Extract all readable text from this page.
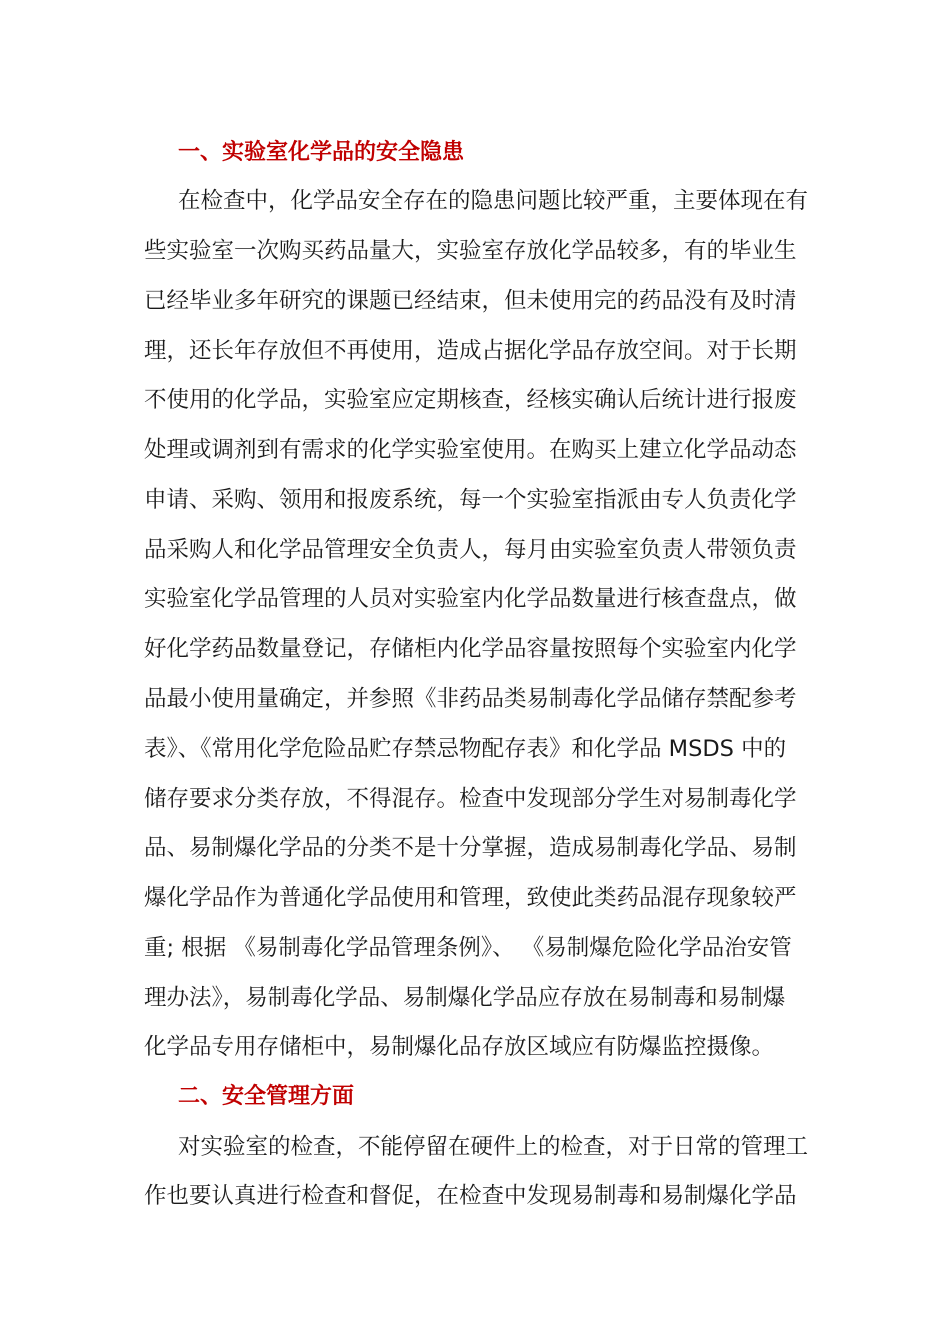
一、实验室化学品的安全隐患
在检查中，化学品安全存在的隐患问题比较严重，主要体现在有
些实验室一次购买药品量大，实验室存放化学品较多，有的毕业生
已经毕业多年研究的课题已经结束，但未使用完的药品没有及时清
理，还长年存放但不再使用，造成占据化学品存放空间。对于长期
不使用的化学品，实验室应定期核查，经核实确认后统计进行报废
处理或调剂到有需求的化学实验室使用。在购买上建立化学品动态
申请、采购、领用和报废系统，每一个实验室指派由专人负责化学
品采购人和化学品管理安全负责人，每月由实验室负责人带领负责
实验室化学品管理的人员对实验室内化学品数量进行核查盘点，做
好化学药品数量登记，存储柜内化学品容量按照每个实验室内化学
品最小使用量确定，并参照《非药品类易制毒化学品储存禁配参考
表》、《常用化学危险品贮存禁忌物配存表》和化学品 MSDS 中的
储存要求分类存放，不得混存。检查中发现部分学生对易制毒化学
品、易制爆化学品的分类不是十分掌握，造成易制毒化学品、易制
爆化学品作为普通化学品使用和管理，致使此类药品混存现象较严
重; 根据 《易制毒化学品管理条例》、 《易制爆危险化学品治安管
理办法》，易制毒化学品、易制爆化学品应存放在易制毒和易制爆
化学品专用存储柜中，易制爆化品存放区域应有防爆监控摄像。
二、安全管理方面
对实验室的检查，不能停留在硬件上的检查，对于日常的管理工
作也要认真进行检查和督促，在检查中发现易制毒和易制爆化学品
